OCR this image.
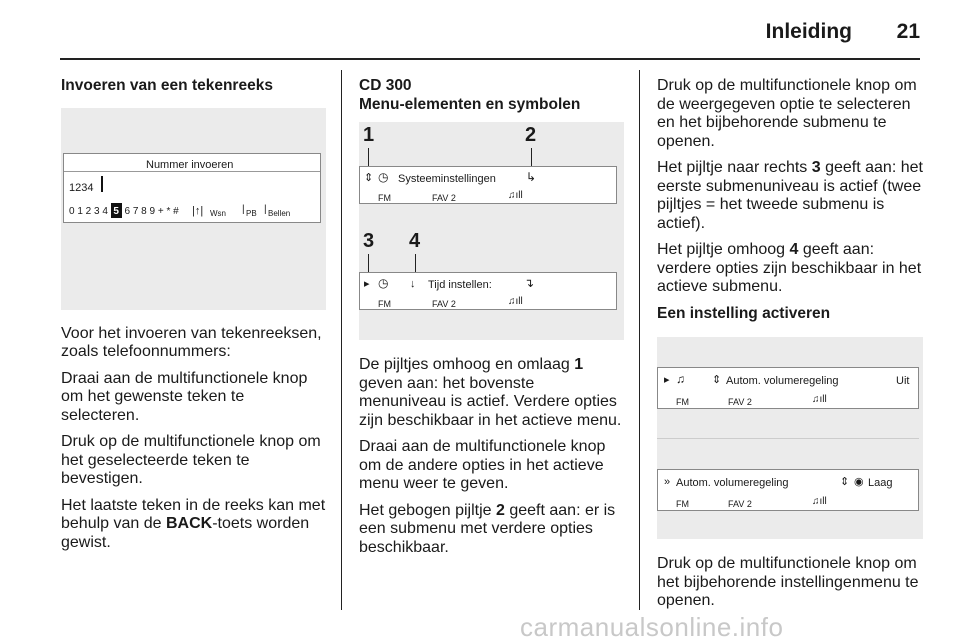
Inleiding 21
Invoeren van een tekenreeks
Nummer invoeren
1234
0 1 2 3 4 5 6 7 8 9 + * # |↑| Wsn | PB | Bellen

Voor het invoeren van tekenreeksen, zoals telefoonnummers:

Draai aan de multifunctionele knop om het gewenste teken te selecteren.

Druk op de multifunctionele knop om het geselecteerde teken te bevestigen.

Het laatste teken in de reeks kan met behulp van de BACK-toets worden gewist.

CD 300
Menu-elementen en symbolen
1	2
⇕ ◷ Systeeminstellingen	↳
FM	FAV 2	♫ıll
3 4
▸ ◷ ↓ Tijd instellen:	↴
FM	FAV 2	♫ıll

De pijltjes omhoog en omlaag 1 geven aan: het bovenste menuniveau is actief. Verdere opties zijn beschikbaar in het actieve menu.

Draai aan de multifunctionele knop om de andere opties in het actieve menu weer te geven.

Het gebogen pijltje 2 geeft aan: er is een submenu met verdere opties beschikbaar.

Druk op de multifunctionele knop om de weergegeven optie te selecteren en het bijbehorende submenu te openen.

Het pijltje naar rechts 3 geeft aan: het eerste submenuniveau is actief (twee pijltjes = het tweede submenu is actief).

Het pijltje omhoog 4 geeft aan: verdere opties zijn beschikbaar in het actieve submenu.

Een instelling activeren
▸ ♫ ⇕ Autom. volumeregeling	Uit
FM	FAV 2	♫ıll
» Autom. volumeregeling	⇕ ◉ Laag
FM	FAV 2	♫ıll

Druk op de multifunctionele knop om het bijbehorende instellingenmenu te openen.

carmanualsonline.info
